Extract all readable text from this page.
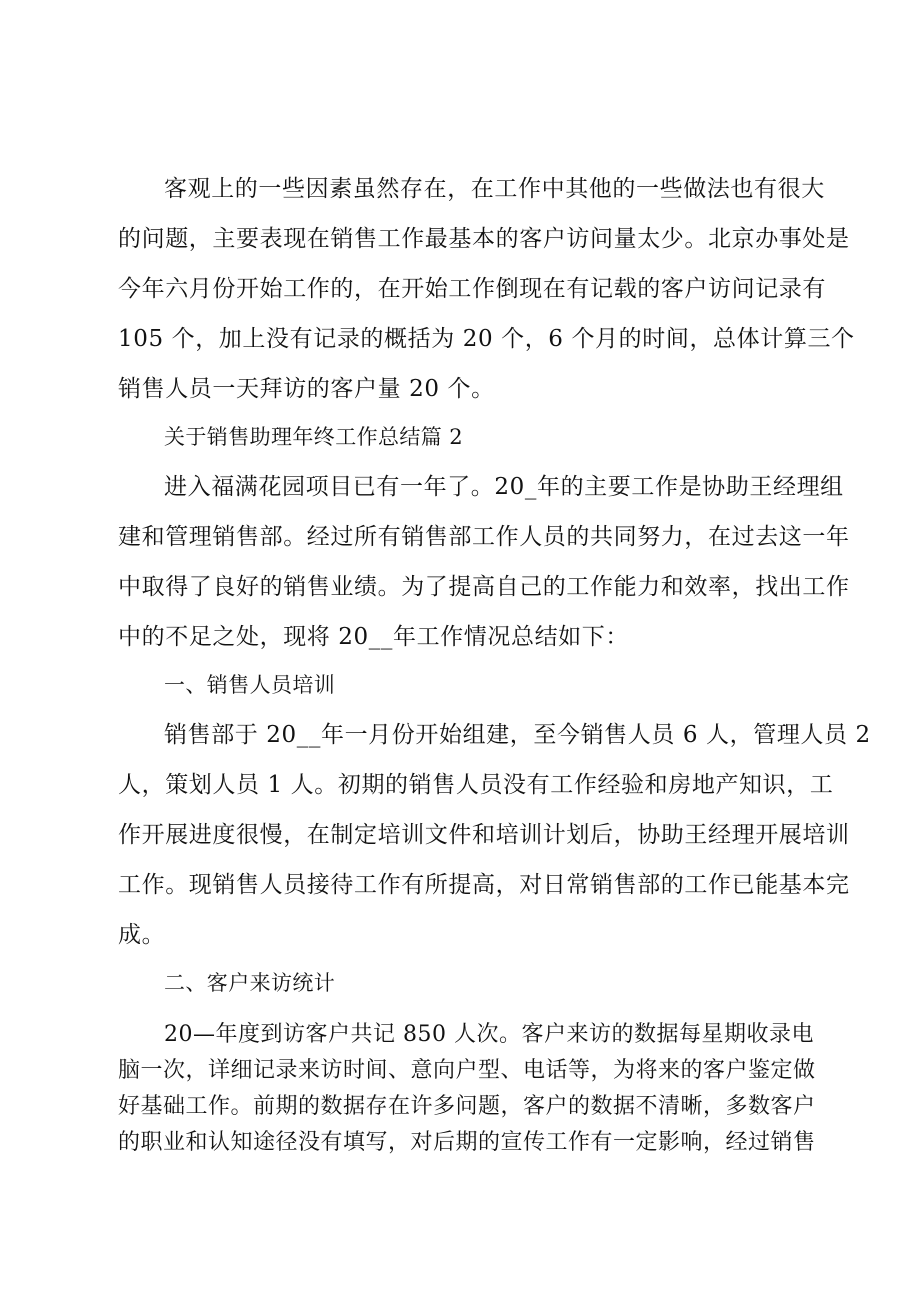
客观上的一些因素虽然存在，在工作中其他的一些做法也有很大
的问题，主要表现在销售工作最基本的客户访问量太少。北京办事处是
今年六月份开始工作的，在开始工作倒现在有记载的客户访问记录有
105 个，加上没有记录的概括为 20 个，6 个月的时间，总体计算三个
销售人员一天拜访的客户量 20 个。
关于销售助理年终工作总结篇 2
进入福满花园项目已有一年了。20_年的主要工作是协助王经理组
建和管理销售部。经过所有销售部工作人员的共同努力，在过去这一年
中取得了良好的销售业绩。为了提高自己的工作能力和效率，找出工作
中的不足之处，现将 20__年工作情况总结如下：
一、销售人员培训
销售部于 20__年一月份开始组建，至今销售人员 6 人，管理人员 2
人，策划人员 1 人。初期的销售人员没有工作经验和房地产知识，工
作开展进度很慢，在制定培训文件和培训计划后，协助王经理开展培训
工作。现销售人员接待工作有所提高，对日常销售部的工作已能基本完
成。
二、客户来访统计
20—年度到访客户共记 850 人次。客户来访的数据每星期收录电
脑一次，详细记录来访时间、意向户型、电话等，为将来的客户鉴定做
好基础工作。前期的数据存在许多问题，客户的数据不清晰，多数客户
的职业和认知途径没有填写，对后期的宣传工作有一定影响，经过销售
